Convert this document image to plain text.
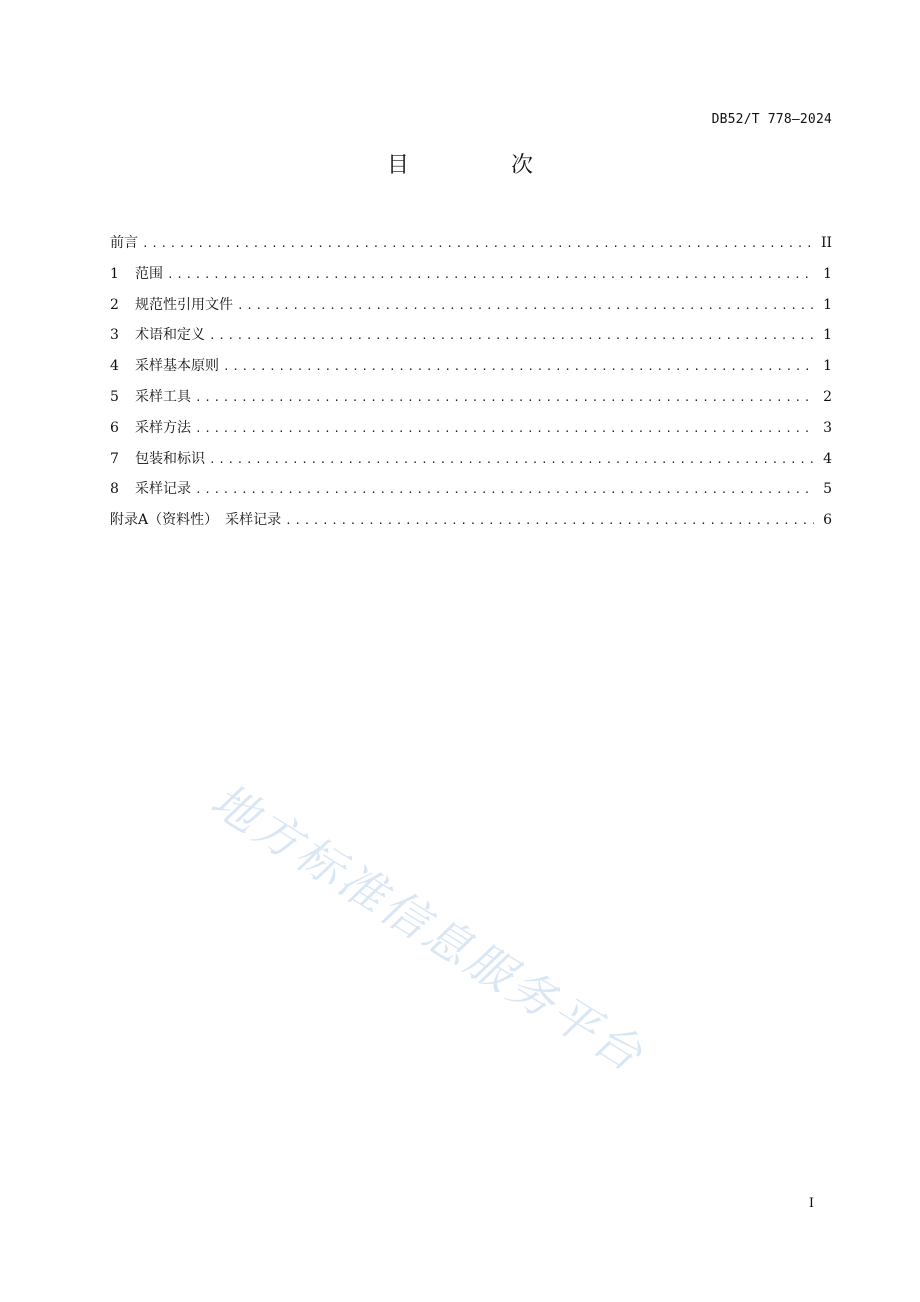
DB52/T 778—2024
目　次
前言 .....	II
1	范围 .....	1
2	规范性引用文件 .....	1
3	术语和定义 .....	1
4	采样基本原则 .....	1
5	采样工具 .....	2
6	采样方法 .....	3
7	包装和标识 .....	4
8	采样记录 .....	5
附录A（资料性）　采样记录 .....	6
地方标准信息服务平台
I
